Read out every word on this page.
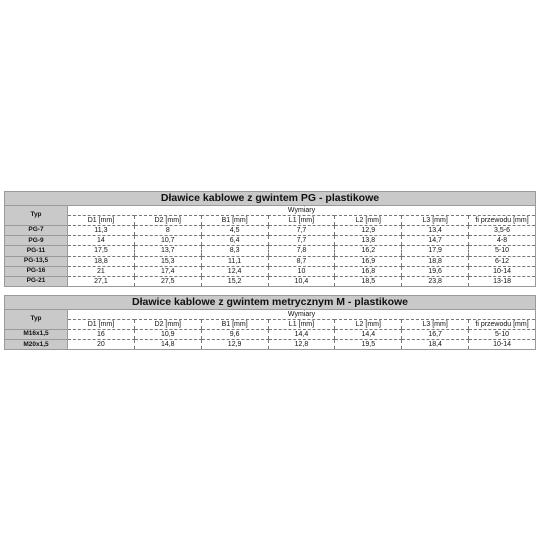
Dławice kablowe z gwintem PG - plastikowe							
Typ	Wymiary						
	D1 [mm]	D2 [mm]	B1 [mm]	L1 [mm]	L2 [mm]	L3 [mm]	fi przewodu [mm]
PG-7	11,3	8	4,5	7,7	12,9	13,4	3,5-6
PG-9	14	10,7	6,4	7,7	13,8	14,7	4-8
PG-11	17,5	13,7	8,3	7,8	16,2	17,9	5-10
PG-13,5	18,8	15,3	11,1	8,7	16,9	18,8	6-12
PG-16	21	17,4	12,4	10	16,8	19,6	10-14
PG-21	27,1	27,5	15,2	10,4	18,5	23,8	13-18
Dławice kablowe z gwintem metrycznym M - plastikowe							
Typ	Wymiary						
	D1 [mm]	D2 [mm]	B1 [mm]	L1 [mm]	L2 [mm]	L3 [mm]	fi przewodu [mm]
M16x1,5	16	10,9	9,6	14,4	14,4	16,7	5-10
M20x1,5	20	14,8	12,9	12,8	19,5	18,4	10-14
